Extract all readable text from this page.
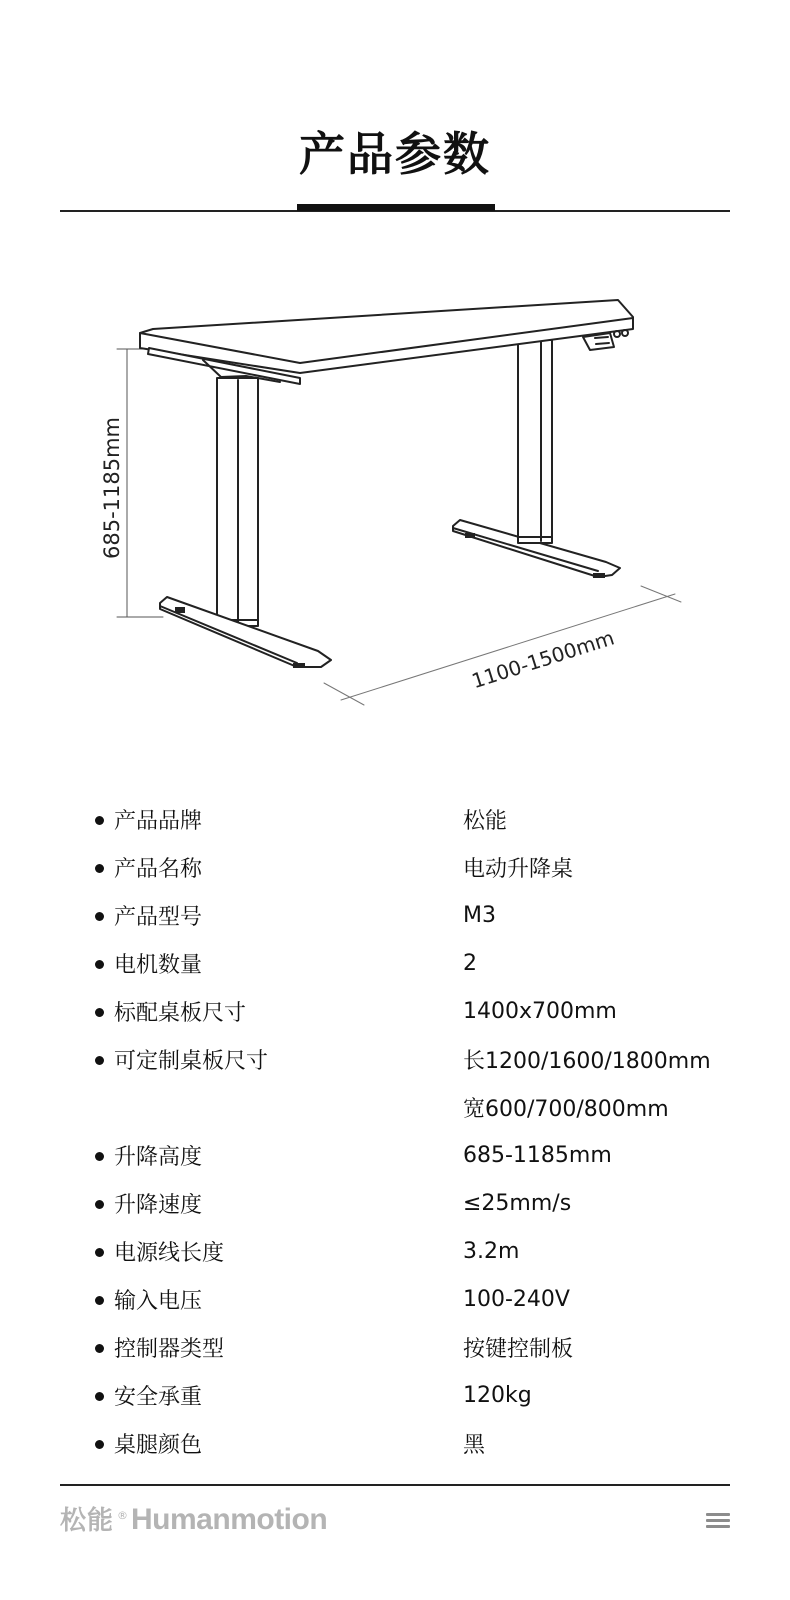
产品参数
685-1185mm
1100-1500mm
产品品牌	松能
产品名称	电动升降桌
产品型号	M3
电机数量	2
标配桌板尺寸	1400x700mm
可定制桌板尺寸	长1200/1600/1800mm
宽600/700/800mm
升降高度	685-1185mm
升降速度	≤25mm/s
电源线长度	3.2m
输入电压	100-240V
控制器类型	按键控制板
安全承重	120kg
桌腿颜色	黑
松能 ® Humanmotion
